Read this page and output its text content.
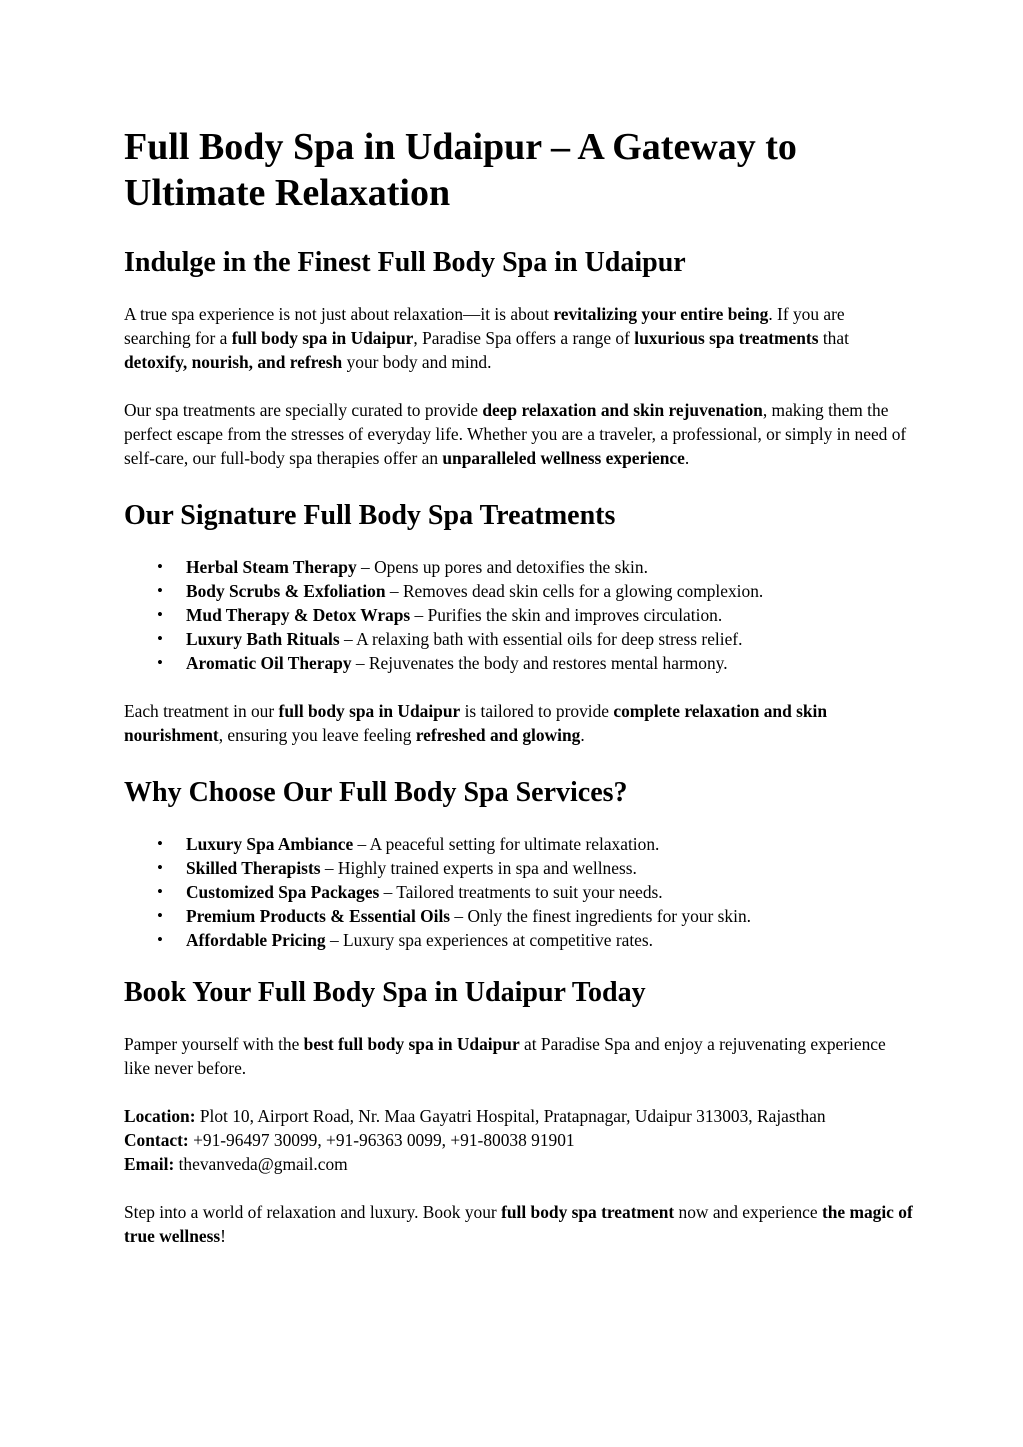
Full Body Spa in Udaipur – A Gateway to Ultimate Relaxation
Indulge in the Finest Full Body Spa in Udaipur

A true spa experience is not just about relaxation—it is about revitalizing your entire being. If you are searching for a full body spa in Udaipur, Paradise Spa offers a range of luxurious spa treatments that detoxify, nourish, and refresh your body and mind.

Our spa treatments are specially curated to provide deep relaxation and skin rejuvenation, making them the perfect escape from the stresses of everyday life. Whether you are a traveler, a professional, or simply in need of self-care, our full-body spa therapies offer an unparalleled wellness experience.

Our Signature Full Body Spa Treatments
• Herbal Steam Therapy – Opens up pores and detoxifies the skin.
• Body Scrubs & Exfoliation – Removes dead skin cells for a glowing complexion.
• Mud Therapy & Detox Wraps – Purifies the skin and improves circulation.
• Luxury Bath Rituals – A relaxing bath with essential oils for deep stress relief.
• Aromatic Oil Therapy – Rejuvenates the body and restores mental harmony.

Each treatment in our full body spa in Udaipur is tailored to provide complete relaxation and skin nourishment, ensuring you leave feeling refreshed and glowing.

Why Choose Our Full Body Spa Services?
• Luxury Spa Ambiance – A peaceful setting for ultimate relaxation.
• Skilled Therapists – Highly trained experts in spa and wellness.
• Customized Spa Packages – Tailored treatments to suit your needs.
• Premium Products & Essential Oils – Only the finest ingredients for your skin.
• Affordable Pricing – Luxury spa experiences at competitive rates.
Book Your Full Body Spa in Udaipur Today

Pamper yourself with the best full body spa in Udaipur at Paradise Spa and enjoy a rejuvenating experience like never before.

Location: Plot 10, Airport Road, Nr. Maa Gayatri Hospital, Pratapnagar, Udaipur 313003, Rajasthan
Contact: +91-96497 30099, +91-96363 0099, +91-80038 91901
Email: thevanveda@gmail.com

Step into a world of relaxation and luxury. Book your full body spa treatment now and experience the magic of true wellness!
